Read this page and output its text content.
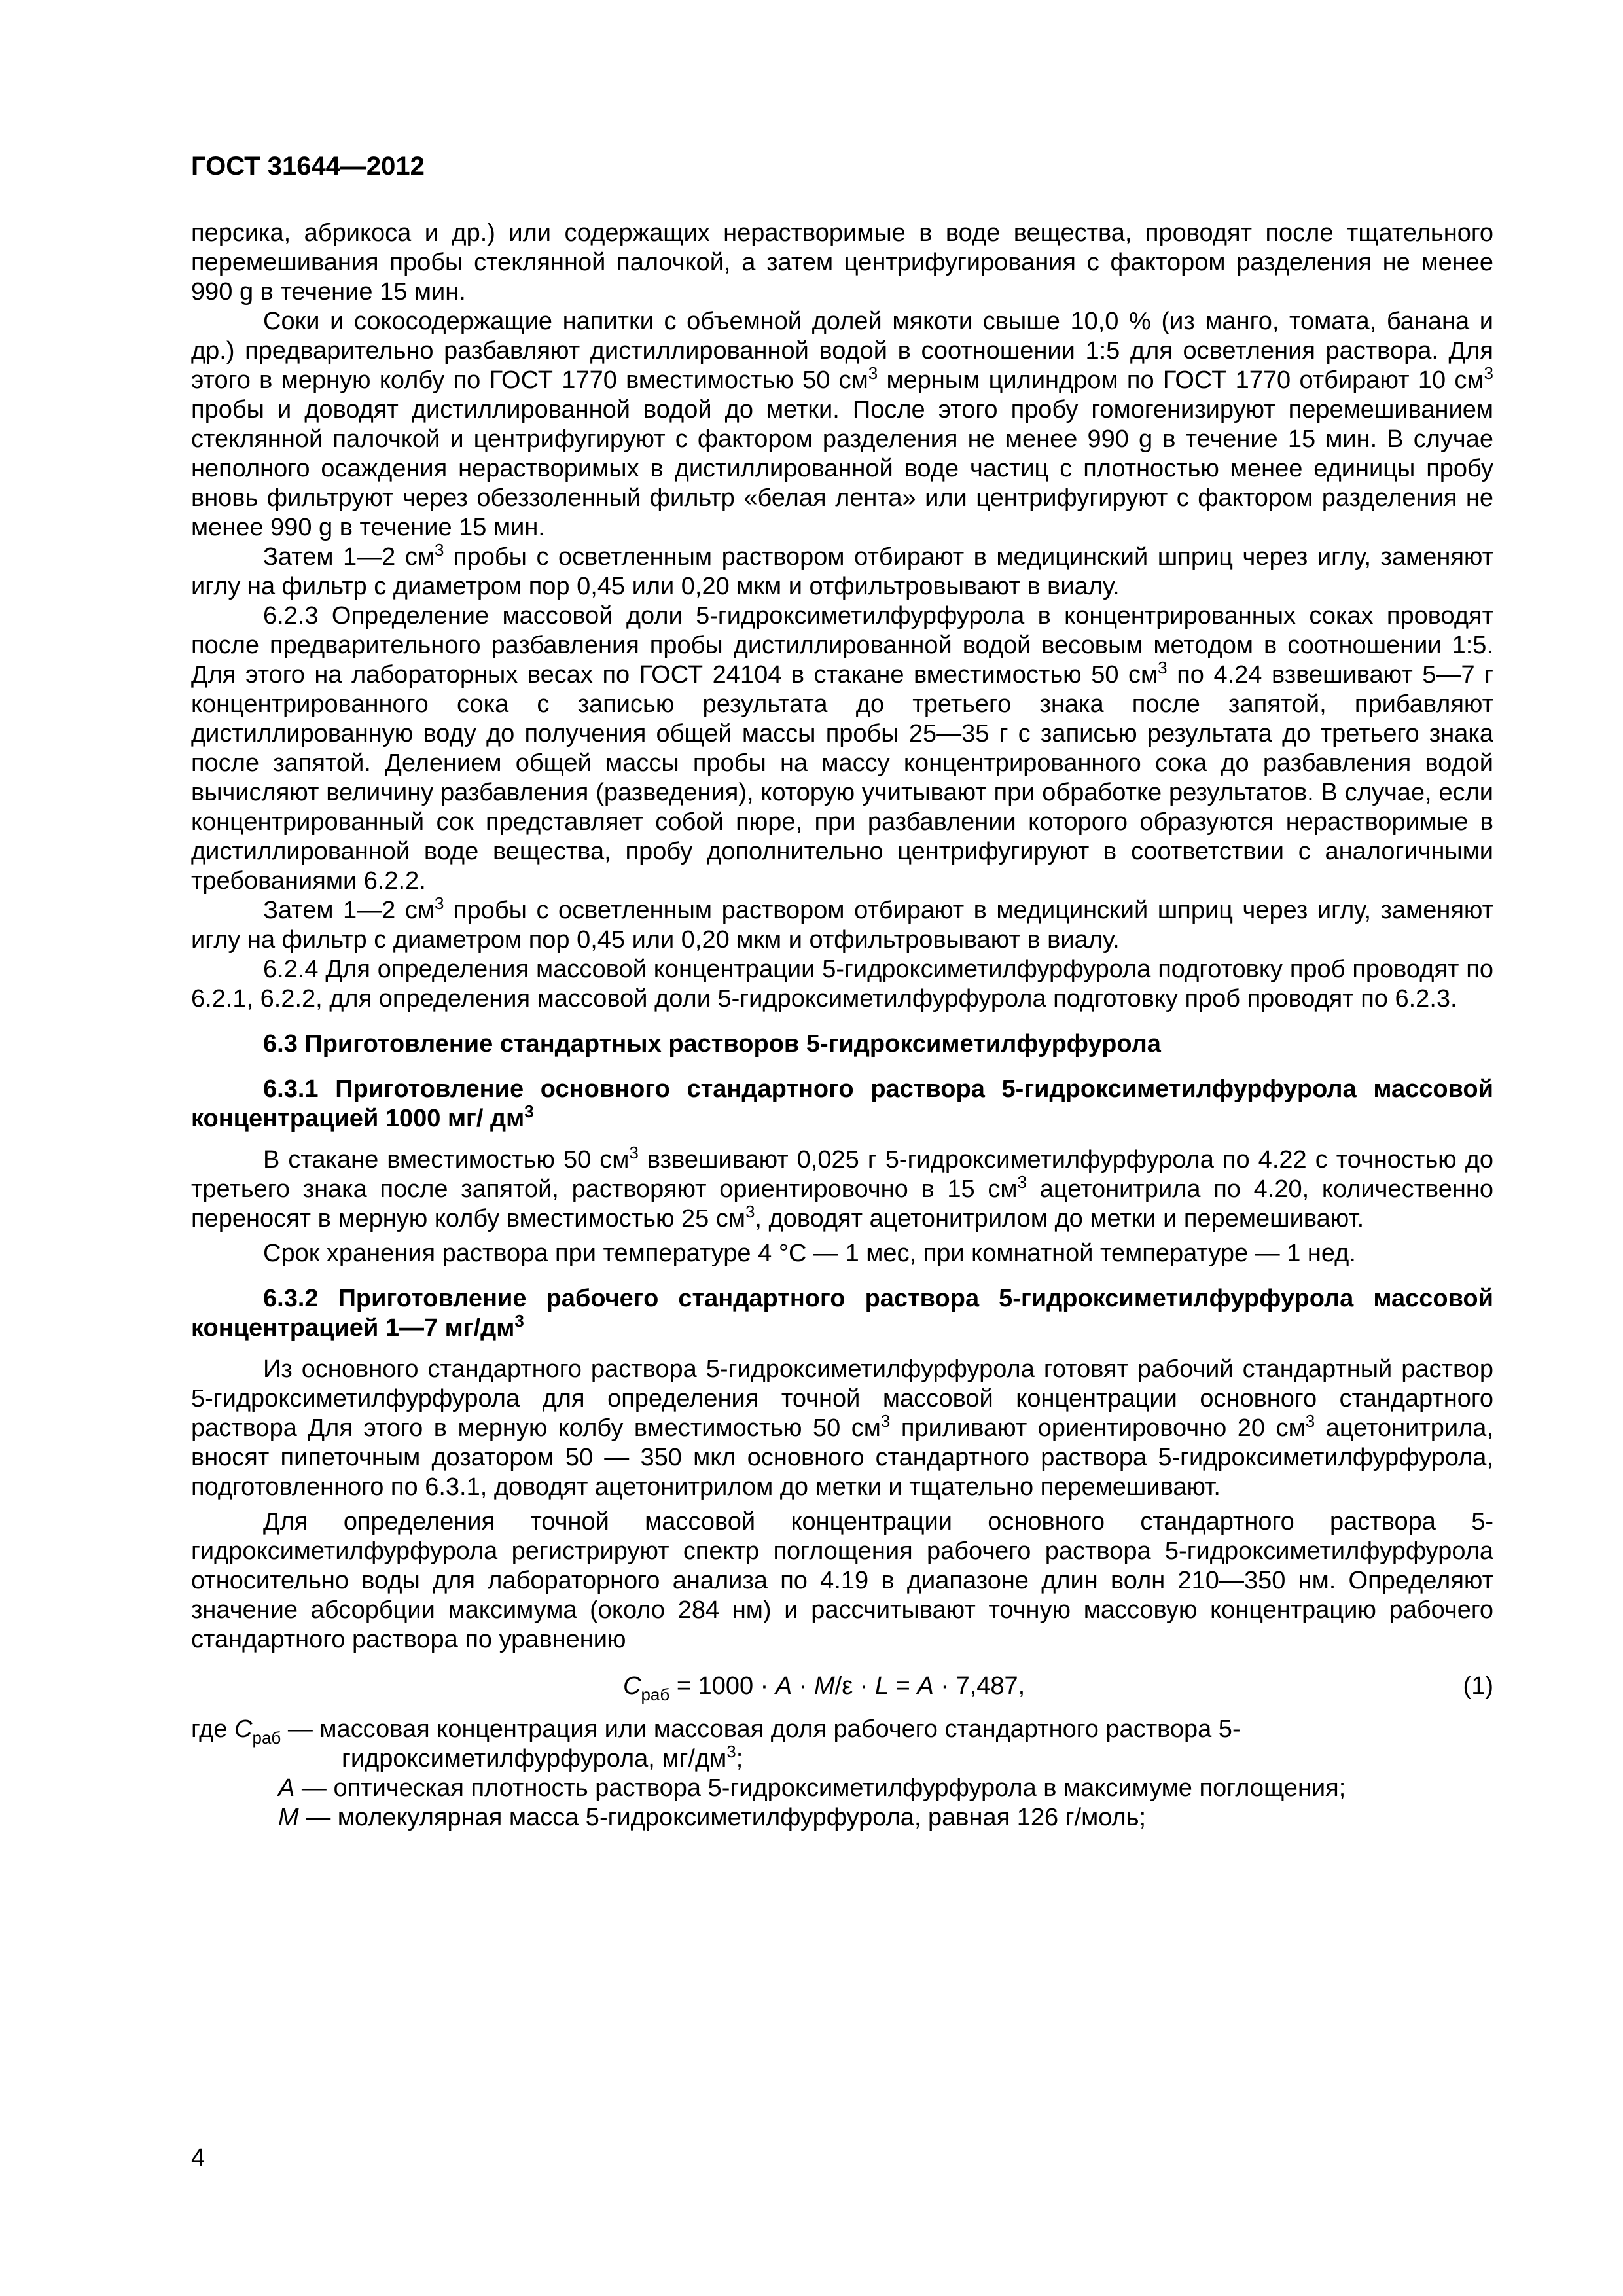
ГОСТ 31644—2012

персика, абрикоса и др.) или содержащих нерастворимые в воде вещества, проводят после тщательного перемешивания пробы стеклянной палочкой, а затем центрифугирования с фактором разделения не менее 990 g в течение 15 мин.

Соки и сокосодержащие напитки с объемной долей мякоти свыше 10,0 % (из манго, томата, банана и др.) предварительно разбавляют дистиллированной водой в соотношении 1:5 для осветления раствора. Для этого в мерную колбу по ГОСТ 1770 вместимостью 50 $см^3$ мерным цилиндром по ГОСТ 1770 отбирают 10 $см^3$ пробы и доводят дистиллированной водой до метки. После этого пробу гомогенизируют перемешиванием стеклянной палочкой и центрифугируют с фактором разделения не менее 990 g в течение 15 мин. В случае неполного осаждения нерастворимых в дистиллированной воде частиц с плотностью менее единицы пробу вновь фильтруют через обеззоленный фильтр «белая лента» или центрифугируют с фактором разделения не менее 990 g в течение 15 мин.

Затем 1—2 $см^3$ пробы с осветленным раствором отбирают в медицинский шприц через иглу, заменяют иглу на фильтр с диаметром пор 0,45 или 0,20 мкм и отфильтровывают в виалу.

6.2.3 Определение массовой доли 5-гидроксиметилфурфурола в концентрированных соках проводят после предварительного разбавления пробы дистиллированной водой весовым методом в соотношении 1:5. Для этого на лабораторных весах по ГОСТ 24104 в стакане вместимостью 50 $см^3$ по 4.24 взвешивают 5—7 г концентрированного сока с записью результата до третьего знака после запятой, прибавляют дистиллированную воду до получения общей массы пробы 25—35 г с записью результата до третьего знака после запятой. Делением общей массы пробы на массу концентрированного сока до разбавления водой вычисляют величину разбавления (разведения), которую учитывают при обработке результатов. В случае, если концентрированный сок представляет собой пюре, при разбавлении которого образуются нерастворимые в дистиллированной воде вещества, пробу дополнительно центрифугируют в соответствии с аналогичными требованиями 6.2.2.

Затем 1—2 $см^3$ пробы с осветленным раствором отбирают в медицинский шприц через иглу, заменяют иглу на фильтр с диаметром пор 0,45 или 0,20 мкм и отфильтровывают в виалу.

6.2.4 Для определения массовой концентрации 5-гидроксиметилфурфурола подготовку проб проводят по 6.2.1, 6.2.2, для определения массовой доли 5-гидроксиметилфурфурола подготовку проб проводят по 6.2.3.

6.3 Приготовление стандартных растворов 5-гидроксиметилфурфурола
6.3.1 Приготовление основного стандартного раствора 5-гидроксиметилфурфурола массовой концентрацией 1000 мг/ $дм^3$

В стакане вместимостью 50 $см^3$ взвешивают 0,025 г 5-гидроксиметилфурфурола по 4.22 с точностью до третьего знака после запятой, растворяют ориентировочно в 15 $см^3$ ацетонитрила по 4.20, количественно переносят в мерную колбу вместимостью 25 $см^3$, доводят ацетонитрилом до метки и перемешивают.

Срок хранения раствора при температуре 4 °С — 1 мес, при комнатной температуре — 1 нед.

6.3.2 Приготовление рабочего стандартного раствора 5-гидроксиметилфурфурола массовой концентрацией 1—7 $мг/дм^3$

Из основного стандартного раствора 5-гидроксиметилфурфурола готовят рабочий стандартный раствор 5-гидроксиметилфурфурола для определения точной массовой концентрации основного стандартного раствора Для этого в мерную колбу вместимостью 50 $см^3$ приливают ориентировочно 20 $см^3$ ацетонитрила, вносят пипеточным дозатором 50 — 350 мкл основного стандартного раствора 5-гидроксиметилфурфурола, подготовленного по 6.3.1, доводят ацетонитрилом до метки и тщательно перемешивают.

Для определения точной массовой концентрации основного стандартного раствора 5-гидроксиметилфурфурола регистрируют спектр поглощения рабочего раствора 5-гидроксиметилфурфурола относительно воды для лабораторного анализа по 4.19 в диапазоне длин волн 210—350 нм. Определяют значение абсорбции максимума (около 284 нм) и рассчитывают точную массовую концентрацию рабочего стандартного раствора по уравнению

$C_{раб} = 1000 \cdot A \cdot M/\varepsilon \cdot L = A \cdot 7,487$,	(1)
где $C_{раб}$ — массовая концентрация или массовая доля рабочего стандартного раствора 5-гидроксиметилфурфурола, $мг/дм^3$;
A — оптическая плотность раствора 5-гидроксиметилфурфурола в максимуме поглощения;
M — молекулярная масса 5-гидроксиметилфурфурола, равная 126 г/моль;
4
